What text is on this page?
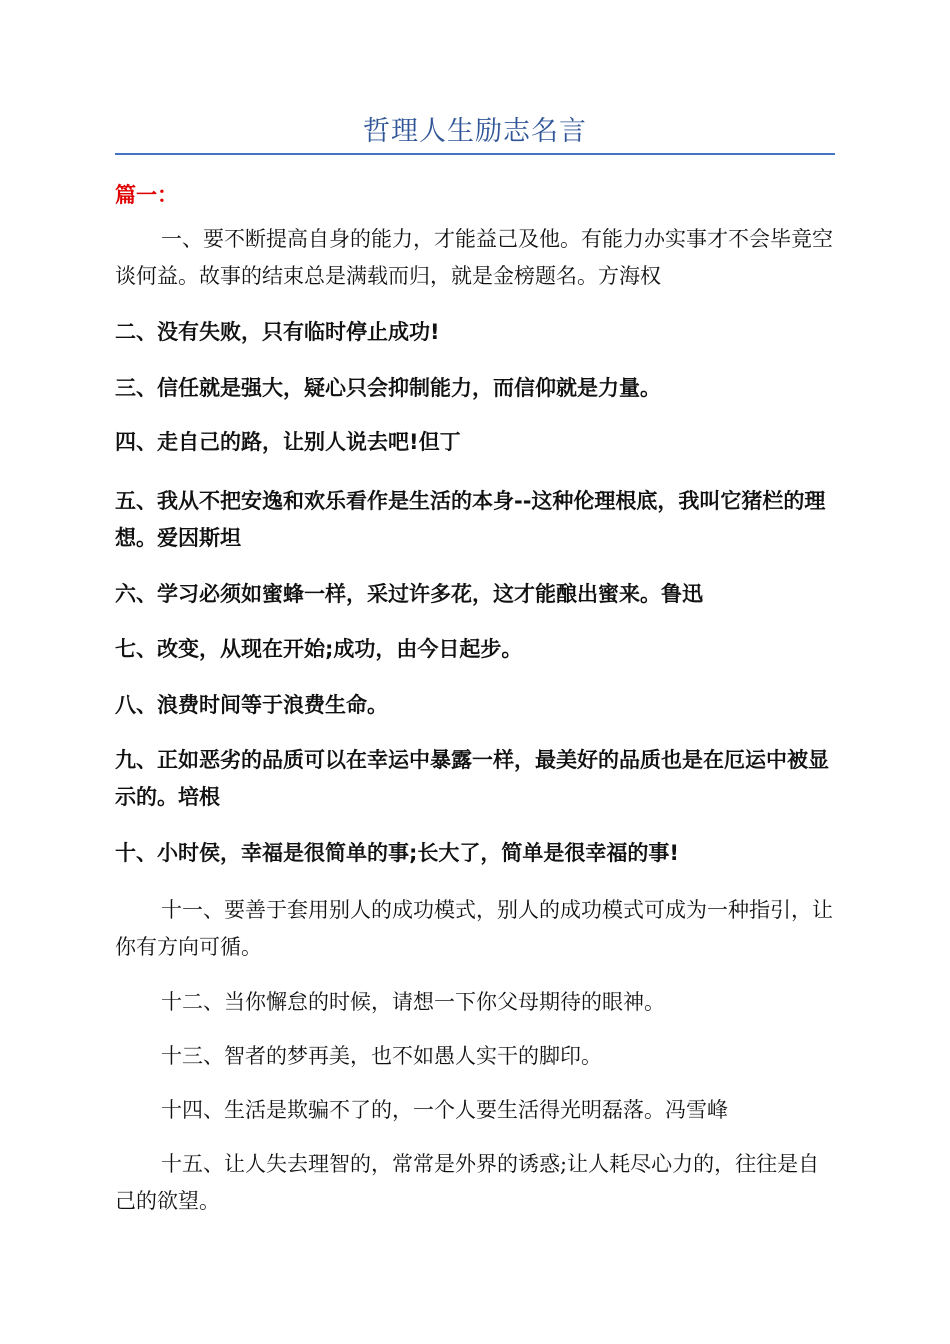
哲理人生励志名言
篇一：

一、要不断提高自身的能力，才能益己及他。有能力办实事才不会毕竟空谈何益。故事的结束总是满载而归，就是金榜题名。方海权

二、没有失败，只有临时停止成功!

三、信任就是强大，疑心只会抑制能力，而信仰就是力量。

四、走自己的路，让别人说去吧!但丁

五、我从不把安逸和欢乐看作是生活的本身--这种伦理根底，我叫它猪栏的理想。爱因斯坦

六、学习必须如蜜蜂一样，采过许多花，这才能酿出蜜来。鲁迅

七、改变，从现在开始;成功，由今日起步。

八、浪费时间等于浪费生命。

九、正如恶劣的品质可以在幸运中暴露一样，最美好的品质也是在厄运中被显示的。培根

十、小时侯，幸福是很简单的事;长大了，简单是很幸福的事!

十一、要善于套用别人的成功模式，别人的成功模式可成为一种指引，让你有方向可循。

十二、当你懈怠的时候，请想一下你父母期待的眼神。

十三、智者的梦再美，也不如愚人实干的脚印。

十四、生活是欺骗不了的，一个人要生活得光明磊落。冯雪峰

十五、让人失去理智的，常常是外界的诱惑;让人耗尽心力的，往往是自己的欲望。
